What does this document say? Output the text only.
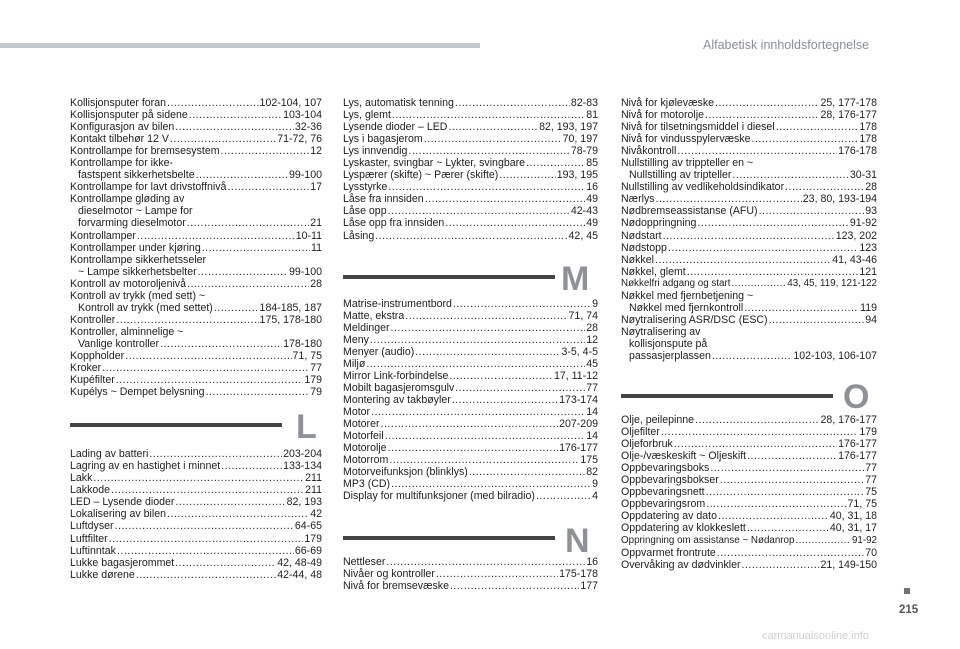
Alfabetisk innholdsfortegnelse
Kollisjonsputer foran .....	102-104, 107
Kollisjonsputer på sidene .....	103-104
Konfigurasjon av bilen .....	32-36
Kontakt tilbehør 12 V .....	71-72, 76
Kontrollampe for bremsesystem .....	12
Kontrollampe for ikke-
fastspent sikkerhetsbelte .....	99-100
Kontrollampe for lavt drivstoffnivå .....	17
Kontrollampe gløding av
dieselmotor ~ Lampe for
forvarming dieselmotor .....	21
Kontrollamper .....	10-11
Kontrollamper under kjøring .....	11
Kontrollampe sikkerhetsseler
~ Lampe sikkerhetsbelter .....	99-100
Kontroll av motoroljenivå .....	28
Kontroll av trykk (med sett) ~
Kontroll av trykk (med settet) .....	184-185, 187
Kontroller .....	175, 178-180
Kontroller, alminnelige ~
Vanlige kontroller .....	178-180
Koppholder .....	71, 75
Kroker .....	77
Kupéfilter .....	179
Kupélys ~ Dempet belysning .....	79
L
Lading av batteri .....	203-204
Lagring av en hastighet i minnet .....	133-134
Lakk .....	211
Lakkode .....	211
LED – Lysende dioder .....	82, 193
Lokalisering av bilen .....	42
Luftdyser .....	64-65
Luftfilter .....	179
Luftinntak .....	66-69
Lukke bagasjerommet .....	42, 48-49
Lukke dørene .....	42-44, 48
Lys, automatisk tenning .....	82-83
Lys, glemt .....	81
Lysende dioder – LED .....	82, 193, 197
Lys i bagasjerom .....	70, 197
Lys innvendig .....	78-79
Lyskaster, svingbar ~ Lykter, svingbare .....	85
Lyspærer (skifte) ~ Pærer (skifte) .....	193, 195
Lysstyrke .....	16
Låse fra innsiden .....	49
Låse opp .....	42-43
Låse opp fra innsiden .....	49
Låsing .....	42, 45
M
Matrise-instrumentbord .....	9
Matte, ekstra .....	71, 74
Meldinger .....	28
Meny .....	12
Menyer (audio) .....	3-5, 4-5
Miljø .....	45
Mirror Link-forbindelse .....	17, 11-12
Mobilt bagasjeromsgulv .....	77
Montering av takbøyler .....	173-174
Motor .....	14
Motorer .....	207-209
Motorfeil .....	14
Motorolje .....	176-177
Motorrom .....	175
Motorveifunksjon (blinklys) .....	82
MP3 (CD) .....	9
Display for multifunksjoner (med bilradio) .....	4
N
Nettleser .....	16
Nivåer og kontroller .....	175-178
Nivå for bremsevæske .....	177
Nivå for kjølevæske .....	25, 177-178
Nivå for motorolje .....	28, 176-177
Nivå for tilsetningsmiddel i diesel .....	178
Nivå for vindusspylervæske .....	178
Nivåkontroll .....	176-178
Nullstilling av trippteller en ~
Nullstilling av tripteller .....	30-31
Nullstilling av vedlikeholdsindikator .....	28
Nærlys .....	23, 80, 193-194
Nødbremseassistanse (AFU) .....	93
Nødoppringning .....	91-92
Nødstart .....	123, 202
Nødstopp .....	123
Nøkkel .....	41, 43-46
Nøkkel, glemt .....	121
Nøkkelfri adgang og start .....	43, 45, 119, 121-122
Nøkkel med fjernbetjening ~
Nøkkel med fjernkontroll .....	119
Nøytralisering ASR/DSC (ESC) .....	94
Nøytralisering av
kollisjonspute på
passasjerplassen .....	102-103, 106-107
O
Olje, peilepinne .....	28, 176-177
Oljefilter .....	179
Oljeforbruk .....	176-177
Olje-/væskeskift ~ Oljeskift .....	176-177
Oppbevaringsboks .....	77
Oppbevaringsbokser .....	77
Oppbevaringsnett .....	75
Oppbevaringsrom .....	71, 75
Oppdatering av dato .....	40, 31, 18
Oppdatering av klokkeslett .....	40, 31, 17
Oppringning om assistanse ~ Nødanrop .....	91-92
Oppvarmet frontrute .....	70
Overvåking av dødvinkler .....	21, 149-150
215
carmanualsonline.info
